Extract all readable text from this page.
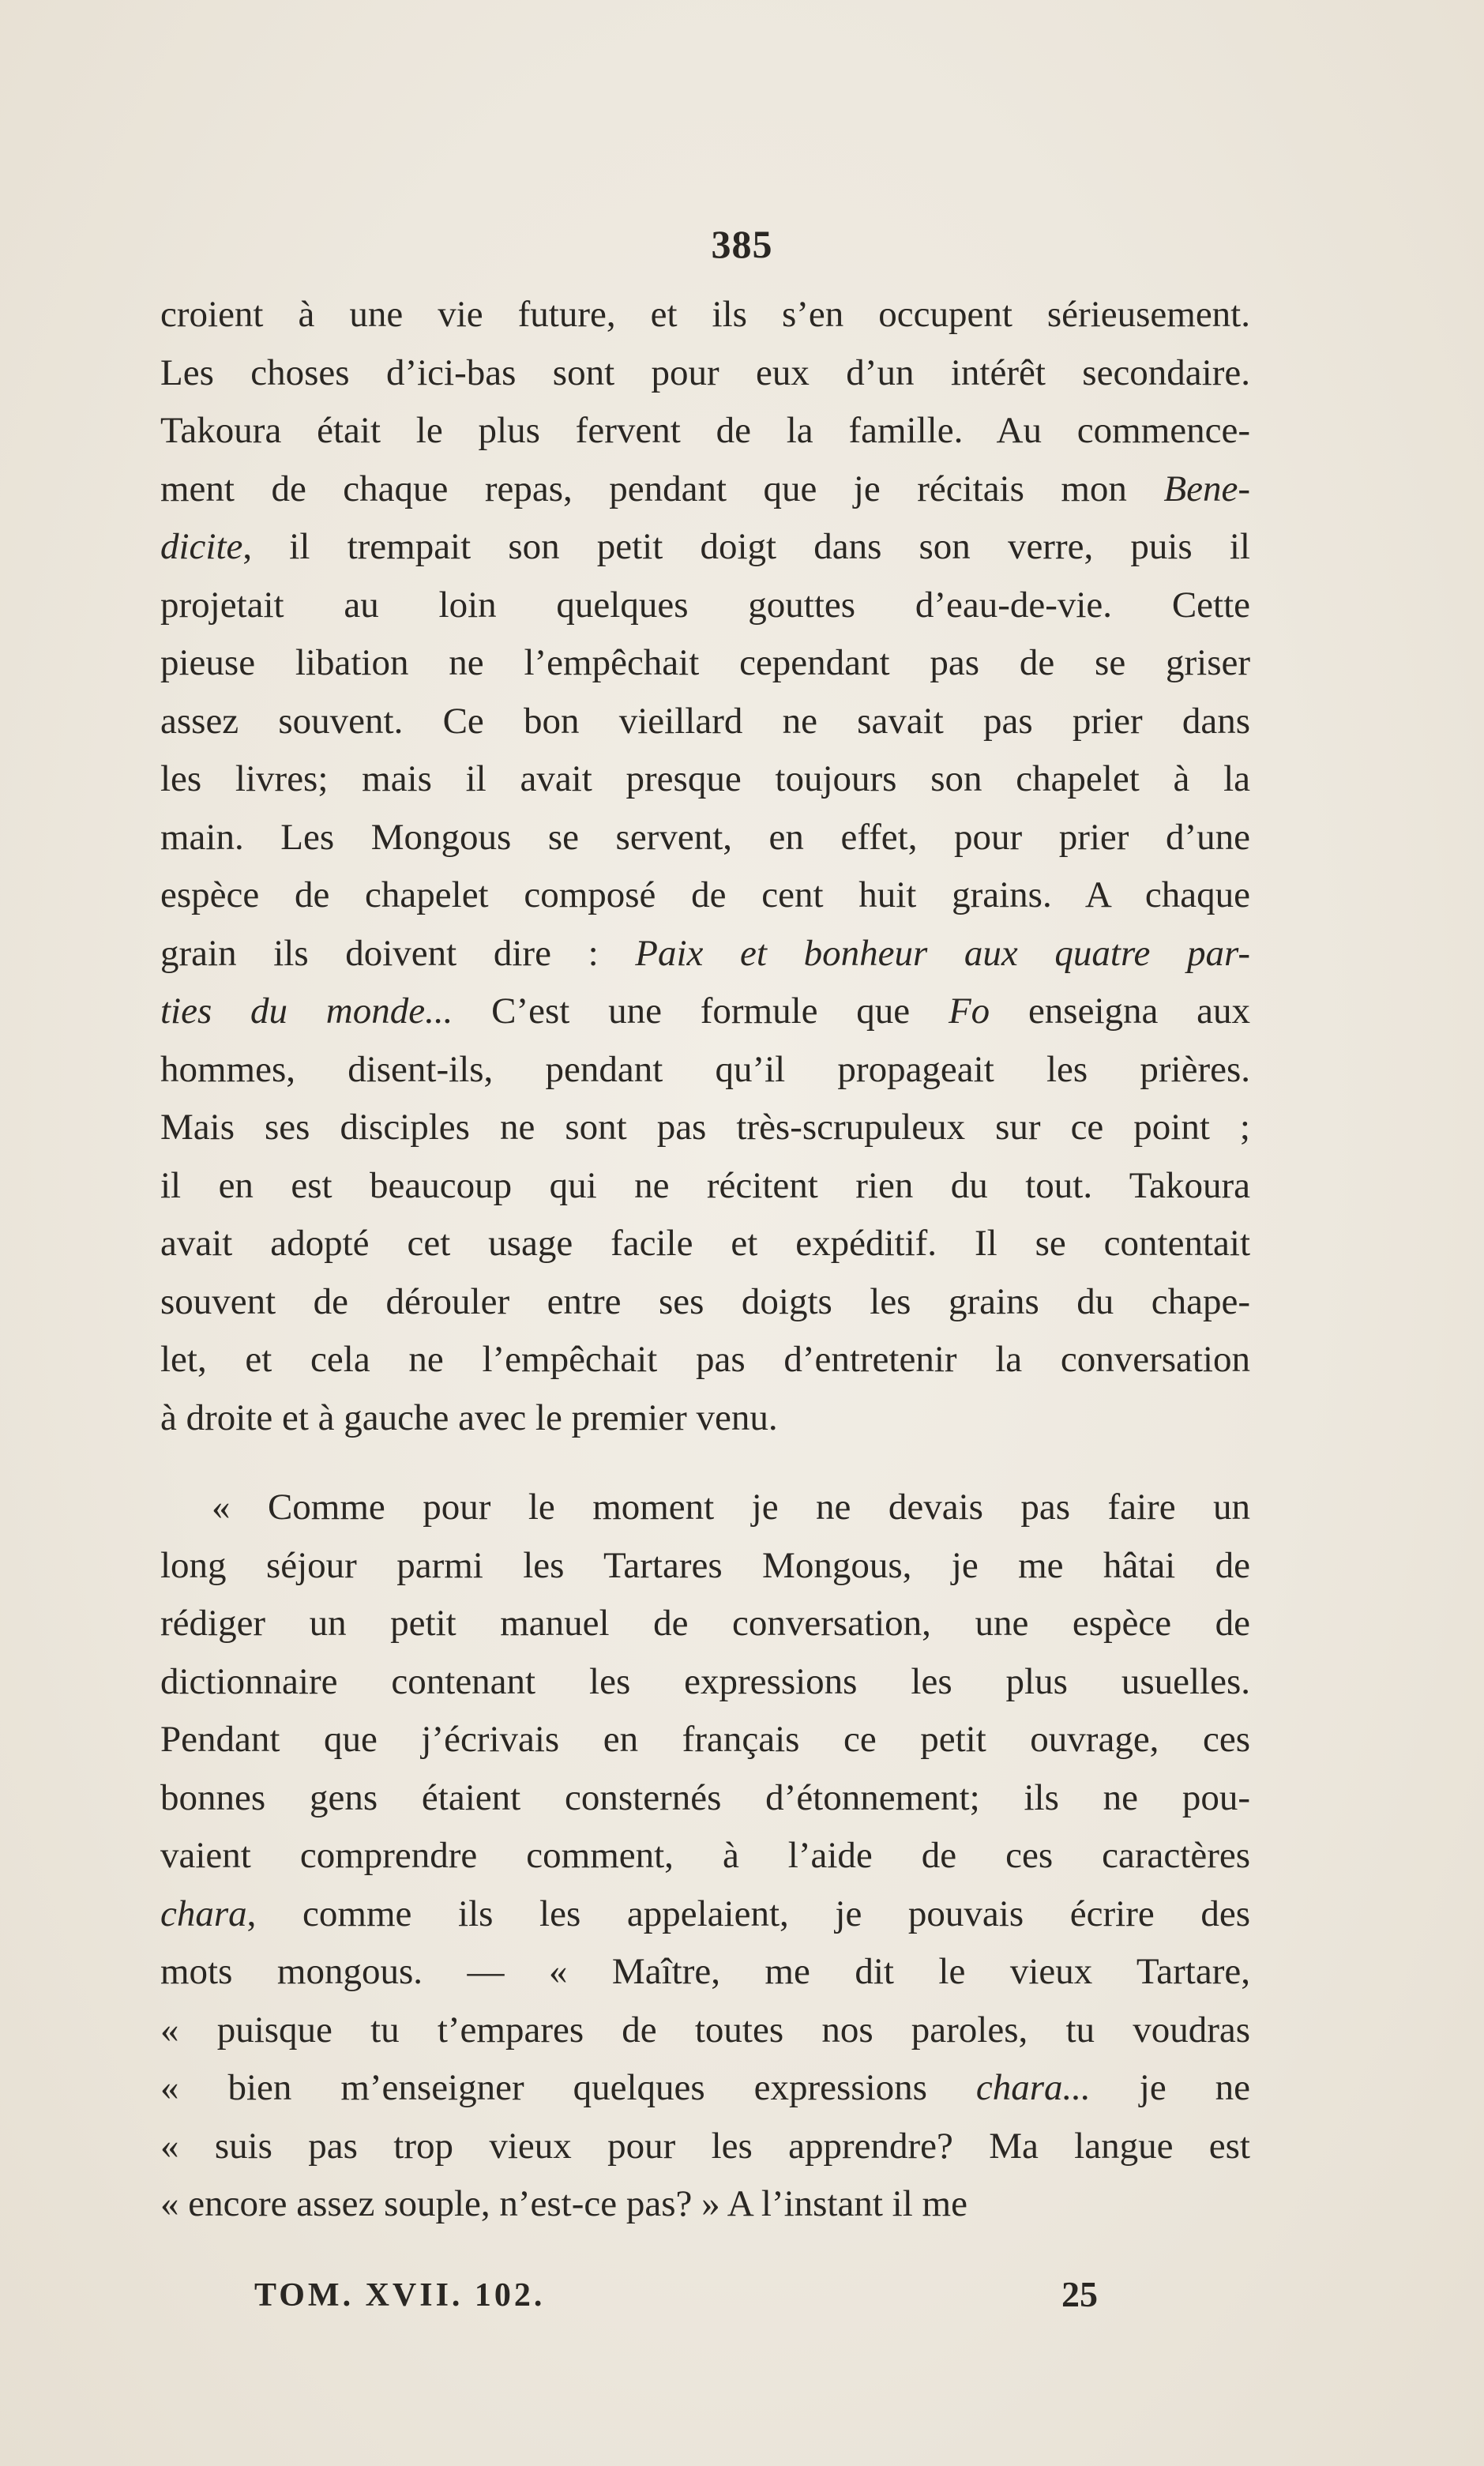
385
croient à une vie future, et ils s’en occupent sérieusement.
Les choses d’ici-bas sont pour eux d’un intérêt secondaire.
Takoura était le plus fervent de la famille. Au commence-
ment de chaque repas, pendant que je récitais mon Bene-
dicite, il trempait son petit doigt dans son verre, puis il
projetait au loin quelques gouttes d’eau-de-vie. Cette
pieuse libation ne l’empêchait cependant pas de se griser
assez souvent. Ce bon vieillard ne savait pas prier dans
les livres; mais il avait presque toujours son chapelet à la
main. Les Mongous se servent, en effet, pour prier d’une
espèce de chapelet composé de cent huit grains. A chaque
grain ils doivent dire : Paix et bonheur aux quatre par-
ties du monde... C’est une formule que Fo enseigna aux
hommes, disent-ils, pendant qu’il propageait les prières.
Mais ses disciples ne sont pas très-scrupuleux sur ce point ;
il en est beaucoup qui ne récitent rien du tout. Takoura
avait adopté cet usage facile et expéditif. Il se contentait
souvent de dérouler entre ses doigts les grains du chape-
let, et cela ne l’empêchait pas d’entretenir la conversation
à droite et à gauche avec le premier venu.
« Comme pour le moment je ne devais pas faire un
long séjour parmi les Tartares Mongous, je me hâtai de
rédiger un petit manuel de conversation, une espèce de
dictionnaire contenant les expressions les plus usuelles.
Pendant que j’écrivais en français ce petit ouvrage, ces
bonnes gens étaient consternés d’étonnement; ils ne pou-
vaient comprendre comment, à l’aide de ces caractères
chara, comme ils les appelaient, je pouvais écrire des
mots mongous. — « Maître, me dit le vieux Tartare,
« puisque tu t’empares de toutes nos paroles, tu voudras
« bien m’enseigner quelques expressions chara... je ne
« suis pas trop vieux pour les apprendre? Ma langue est
« encore assez souple, n’est-ce pas? » A l’instant il me
TOM. XVII. 102.	25
